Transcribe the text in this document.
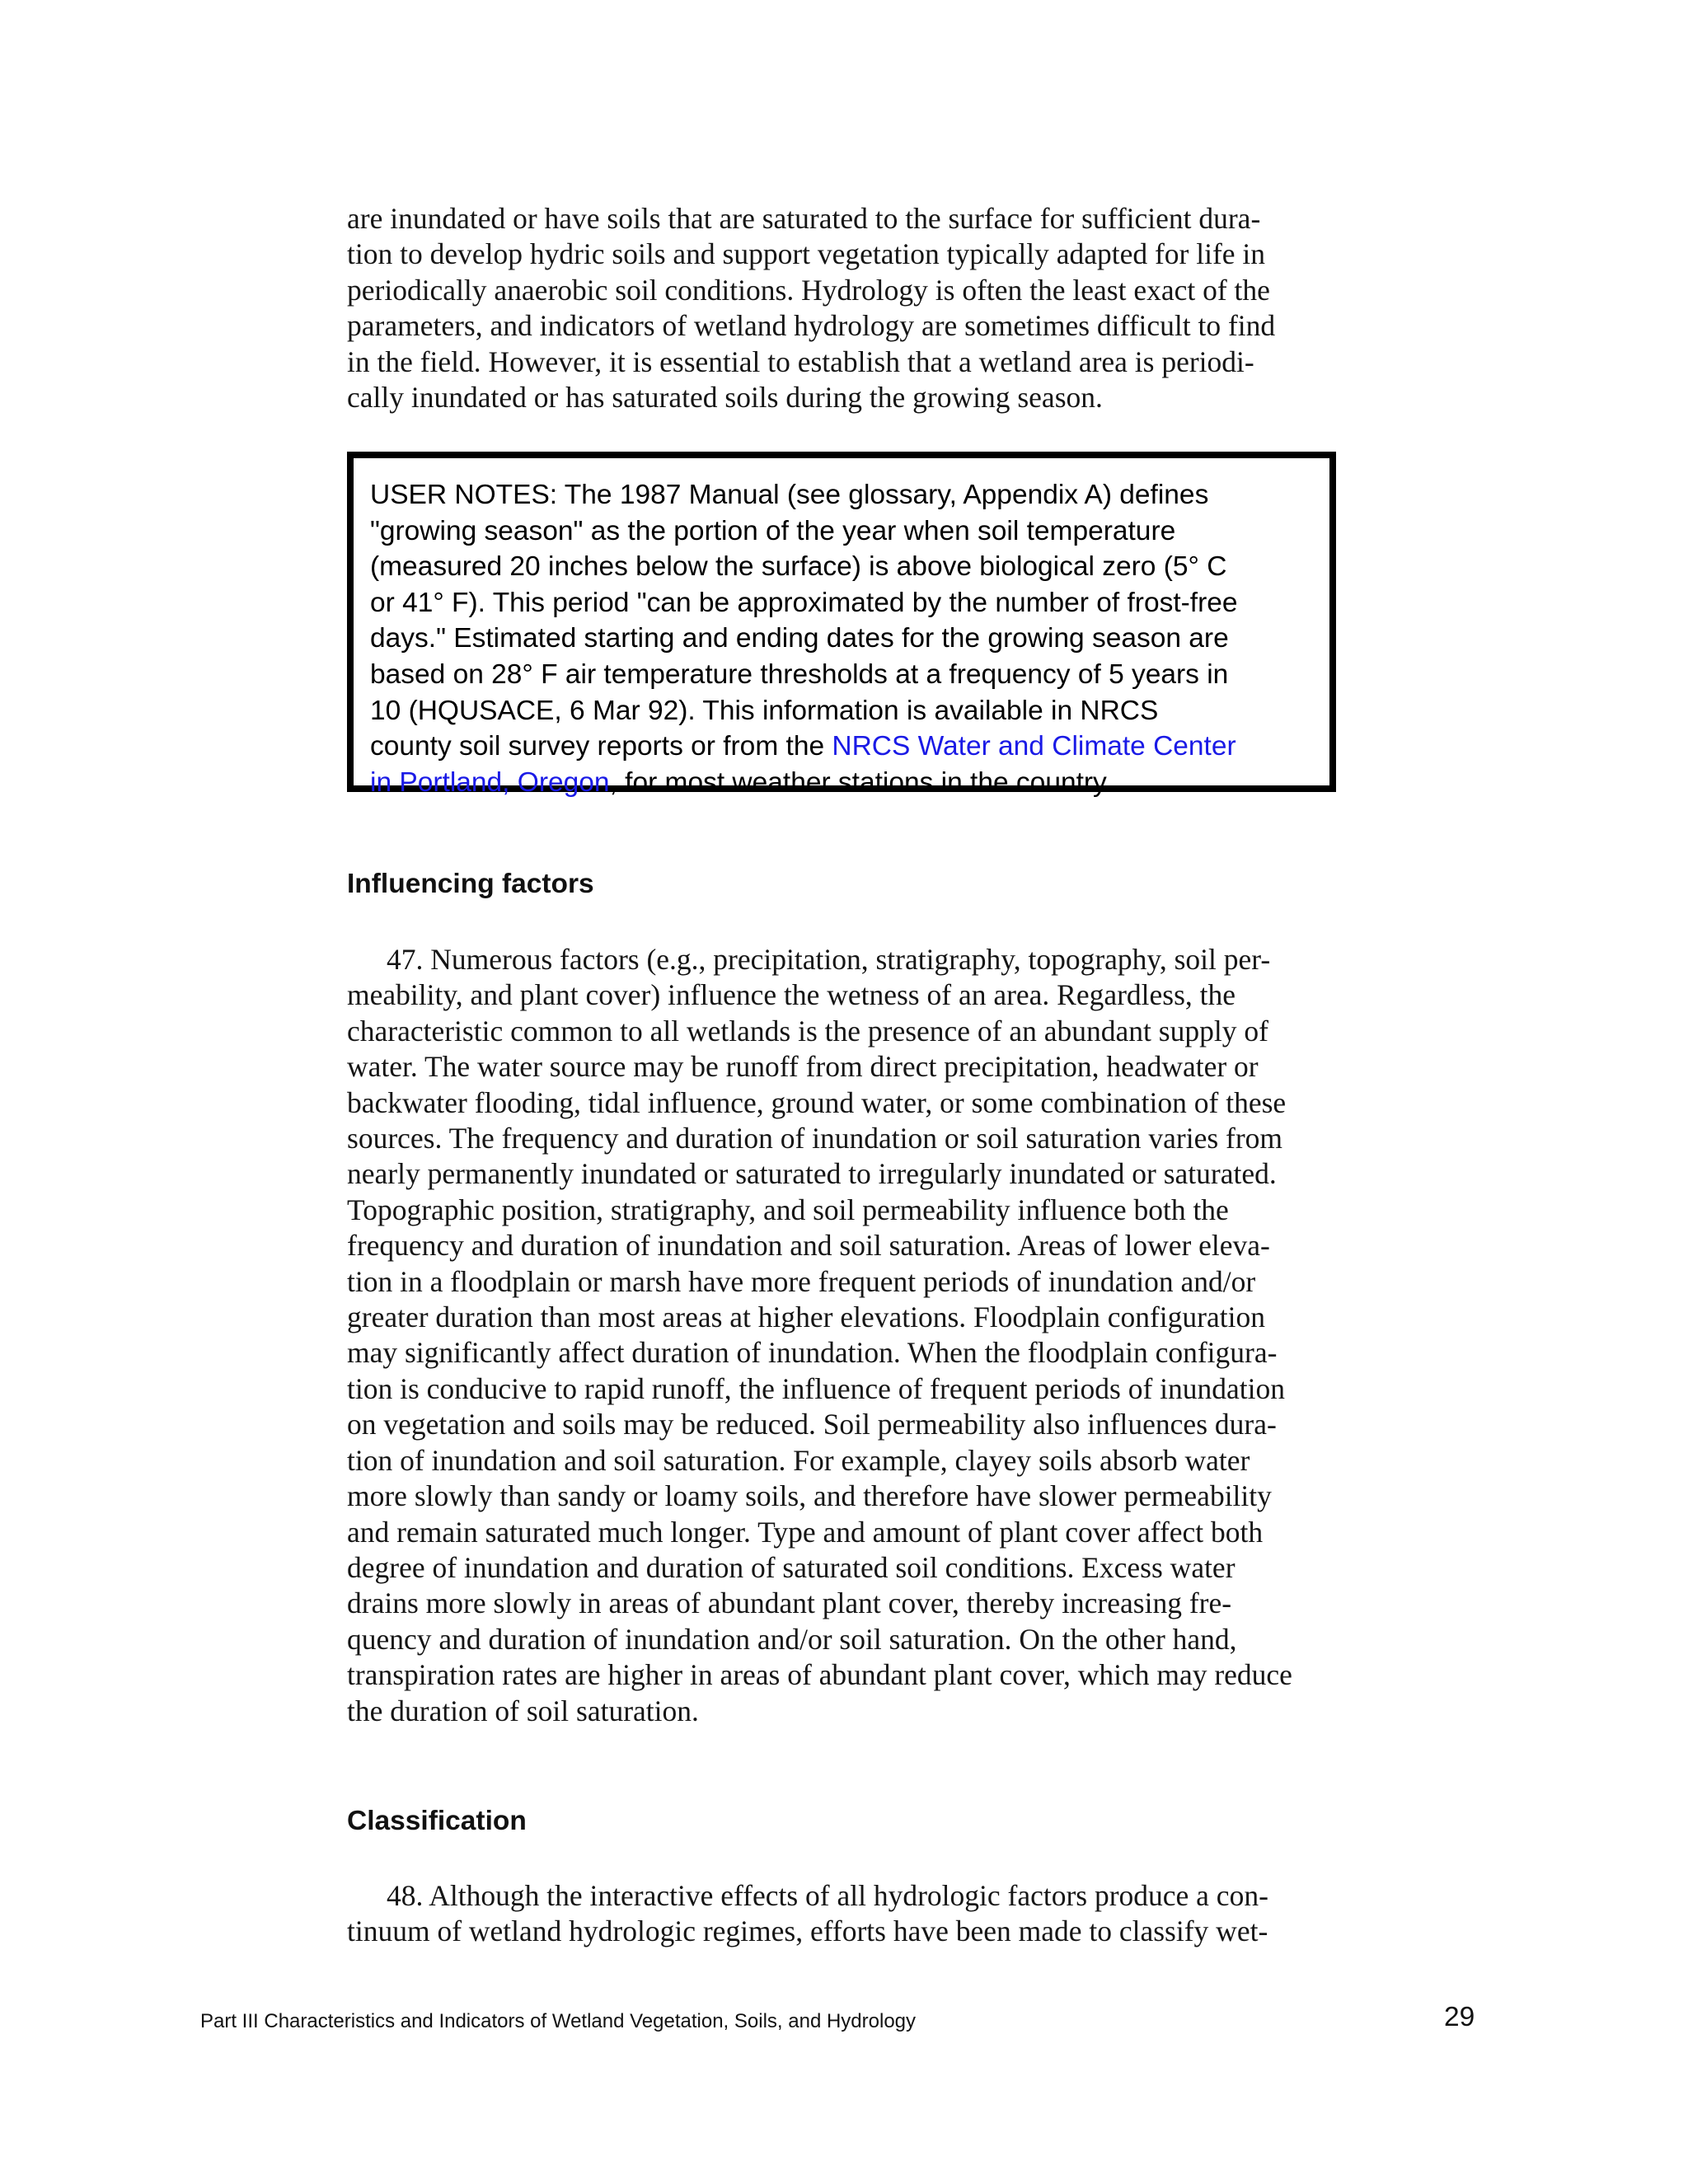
are inundated or have soils that are saturated to the surface for sufficient dura-
tion to develop hydric soils and support vegetation typically adapted for life in
periodically anaerobic soil conditions. Hydrology is often the least exact of the
parameters, and indicators of wetland hydrology are sometimes difficult to find
in the field. However, it is essential to establish that a wetland area is periodi-
cally inundated or has saturated soils during the growing season.
USER NOTES: The 1987 Manual (see glossary, Appendix A) defines
"growing season" as the portion of the year when soil temperature
(measured 20 inches below the surface) is above biological zero (5° C
or 41° F). This period "can be approximated by the number of frost-free
days." Estimated starting and ending dates for the growing season are
based on 28° F air temperature thresholds at a frequency of 5 years in
10 (HQUSACE, 6 Mar 92). This information is available in NRCS
county soil survey reports or from the NRCS Water and Climate Center
in Portland, Oregon, for most weather stations in the country.
Influencing factors
47. Numerous factors (e.g., precipitation, stratigraphy, topography, soil per-
meability, and plant cover) influence the wetness of an area. Regardless, the
characteristic common to all wetlands is the presence of an abundant supply of
water. The water source may be runoff from direct precipitation, headwater or
backwater flooding, tidal influence, ground water, or some combination of these
sources. The frequency and duration of inundation or soil saturation varies from
nearly permanently inundated or saturated to irregularly inundated or saturated.
Topographic position, stratigraphy, and soil permeability influence both the
frequency and duration of inundation and soil saturation. Areas of lower eleva-
tion in a floodplain or marsh have more frequent periods of inundation and/or
greater duration than most areas at higher elevations. Floodplain configuration
may significantly affect duration of inundation. When the floodplain configura-
tion is conducive to rapid runoff, the influence of frequent periods of inundation
on vegetation and soils may be reduced. Soil permeability also influences dura-
tion of inundation and soil saturation. For example, clayey soils absorb water
more slowly than sandy or loamy soils, and therefore have slower permeability
and remain saturated much longer. Type and amount of plant cover affect both
degree of inundation and duration of saturated soil conditions. Excess water
drains more slowly in areas of abundant plant cover, thereby increasing fre-
quency and duration of inundation and/or soil saturation. On the other hand,
transpiration rates are higher in areas of abundant plant cover, which may reduce
the duration of soil saturation.
Classification
48. Although the interactive effects of all hydrologic factors produce a con-
tinuum of wetland hydrologic regimes, efforts have been made to classify wet-
Part III Characteristics and Indicators of Wetland Vegetation, Soils, and Hydrology	29
